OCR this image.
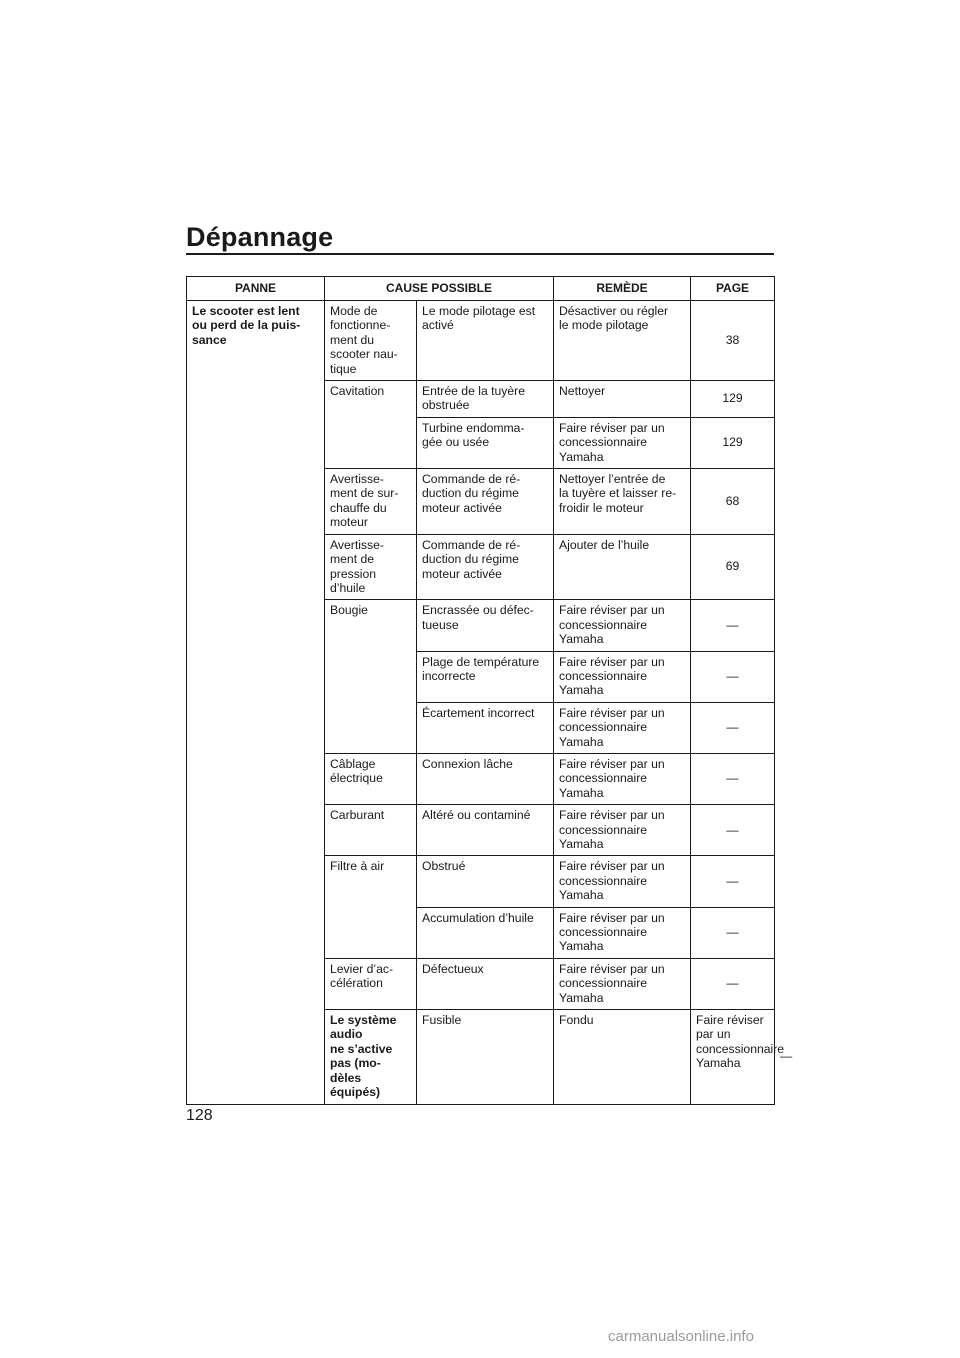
Dépannage
PANNE	CAUSE POSSIBLE		REMÈDE	PAGE	
Le scooter est lent
ou perd de la puis-
sance	Mode de
fonctionne-
ment du
scooter nau-
tique	Le mode pilotage est
activé	Désactiver ou régler
le mode pilotage	38	
	Cavitation	Entrée de la tuyère
obstruée	Nettoyer	129	
		Turbine endomma-
gée ou usée	Faire réviser par un
concessionnaire
Yamaha	129	
	Avertisse-
ment de sur-
chauffe du
moteur	Commande de ré-
duction du régime
moteur activée	Nettoyer l’entrée de
la tuyère et laisser re-
froidir le moteur	68	
	Avertisse-
ment de
pression
d’huile	Commande de ré-
duction du régime
moteur activée	Ajouter de l’huile	69	
	Bougie	Encrassée ou défec-
tueuse	Faire réviser par un
concessionnaire
Yamaha	—	
		Plage de température
incorrecte	Faire réviser par un
concessionnaire
Yamaha	—	
		Écartement incorrect	Faire réviser par un
concessionnaire
Yamaha	—	
	Câblage
électrique	Connexion lâche	Faire réviser par un
concessionnaire
Yamaha	—	
	Carburant	Altéré ou contaminé	Faire réviser par un
concessionnaire
Yamaha	—	
	Filtre à air	Obstrué	Faire réviser par un
concessionnaire
Yamaha	—	
		Accumulation d’huile	Faire réviser par un
concessionnaire
Yamaha	—	
	Levier d’ac-
célération	Défectueux	Faire réviser par un
concessionnaire
Yamaha	—	
	Le système audio
ne s’active pas (mo-
dèles équipés)	Fusible	Fondu	Faire réviser par un
concessionnaire
Yamaha	—
128
carmanualsonline.info
